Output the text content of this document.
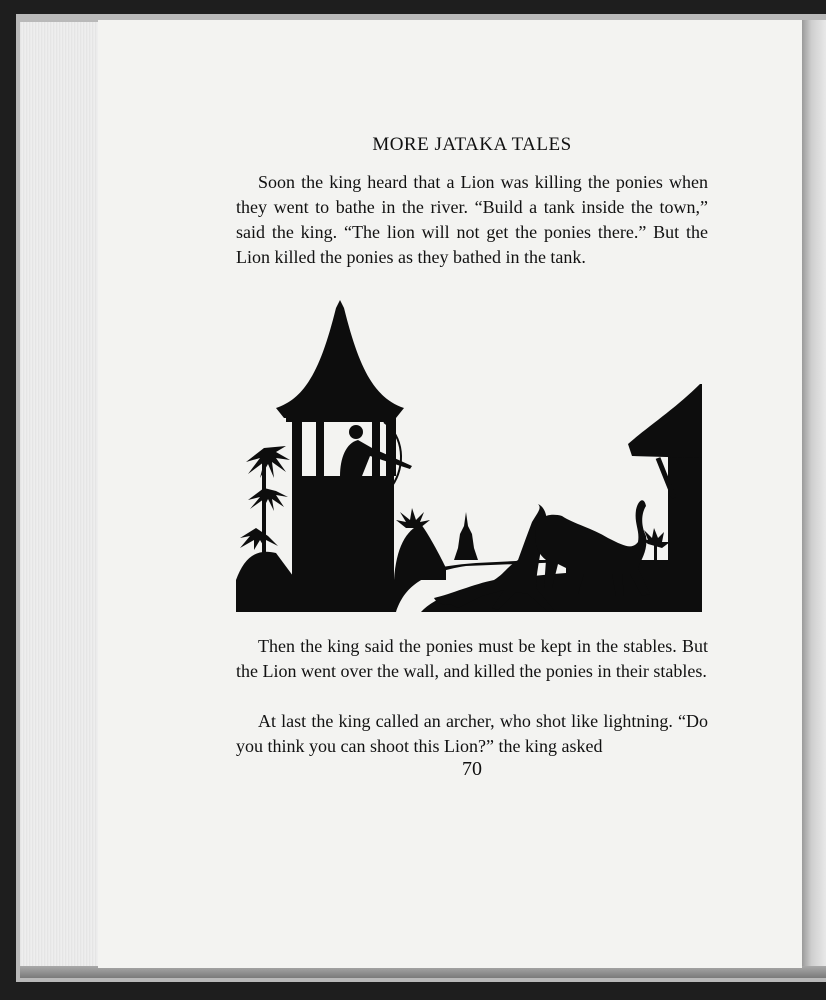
MORE JATAKA TALES

Soon the king heard that a Lion was killing the ponies when they went to bathe in the river. “Build a tank inside the town,” said the king. “The lion will not get the ponies there.” But the Lion killed the ponies as they bathed in the tank.

Then the king said the ponies must be kept in the stables. But the Lion went over the wall, and killed the ponies in their stables.

At last the king called an archer, who shot like lightning. “Do you think you can shoot this Lion?” the king asked

70
